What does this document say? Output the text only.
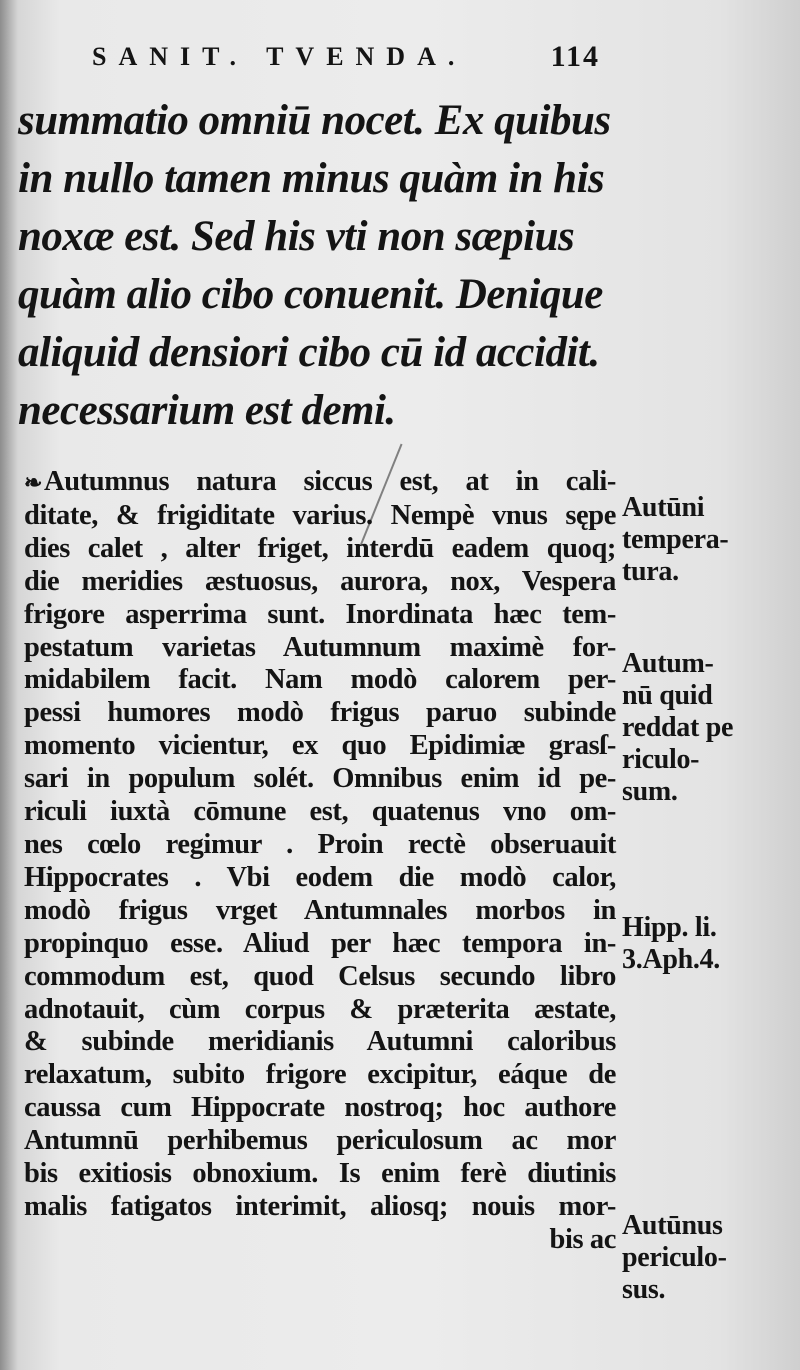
SANIT. TVENDA.	114
summatio omniū nocet. Ex quibus
in nullo tamen minus quàm in his
noxæ est. Sed his vti non sæpius
quàm alio cibo conuenit. Denique
aliquid densiori cibo cū id accidit.
necessarium est demi.
❧Autumnus natura siccus est, at in cali-
ditate, & frigiditate varius. Nempè vnus sępe
dies calet , alter friget, interdū eadem quoq;
die meridies æstuosus, aurora, nox, Vespera
frigore asperrima sunt. Inordinata hæc tem-
pestatum varietas Autumnum maximè for-
midabilem facit. Nam modò calorem per-
pessi humores modò frigus paruo subinde
momento vicientur, ex quo Epidimiæ grasſ-
sari in populum solét. Omnibus enim id pe-
riculi iuxtà cōmune est, quatenus vno om-
nes cœlo regimur . Proin rectè obseruauit
Hippocrates . Vbi eodem die modò calor,
modò frigus vrget Antumnales morbos in
propinquo esse. Aliud per hæc tempora in-
commodum est, quod Celsus secundo libro
adnotauit, cùm corpus & præterita æstate,
& subinde meridianis Autumni caloribus
relaxatum, subito frigore excipitur, eáque de
caussa cum Hippocrate nostroq; hoc authore
Antumnū perhibemus periculosum ac mor
bis exitiosis obnoxium. Is enim ferè diutinis
malis fatigatos interimit, aliosq; nouis mor-
bis ac
Autūni
tempera-
tura.
Autum-
nū quid
reddat pe
riculo-
sum.
Hipp. li.
3.Aph.4.
Autūnus
periculo-
sus.
